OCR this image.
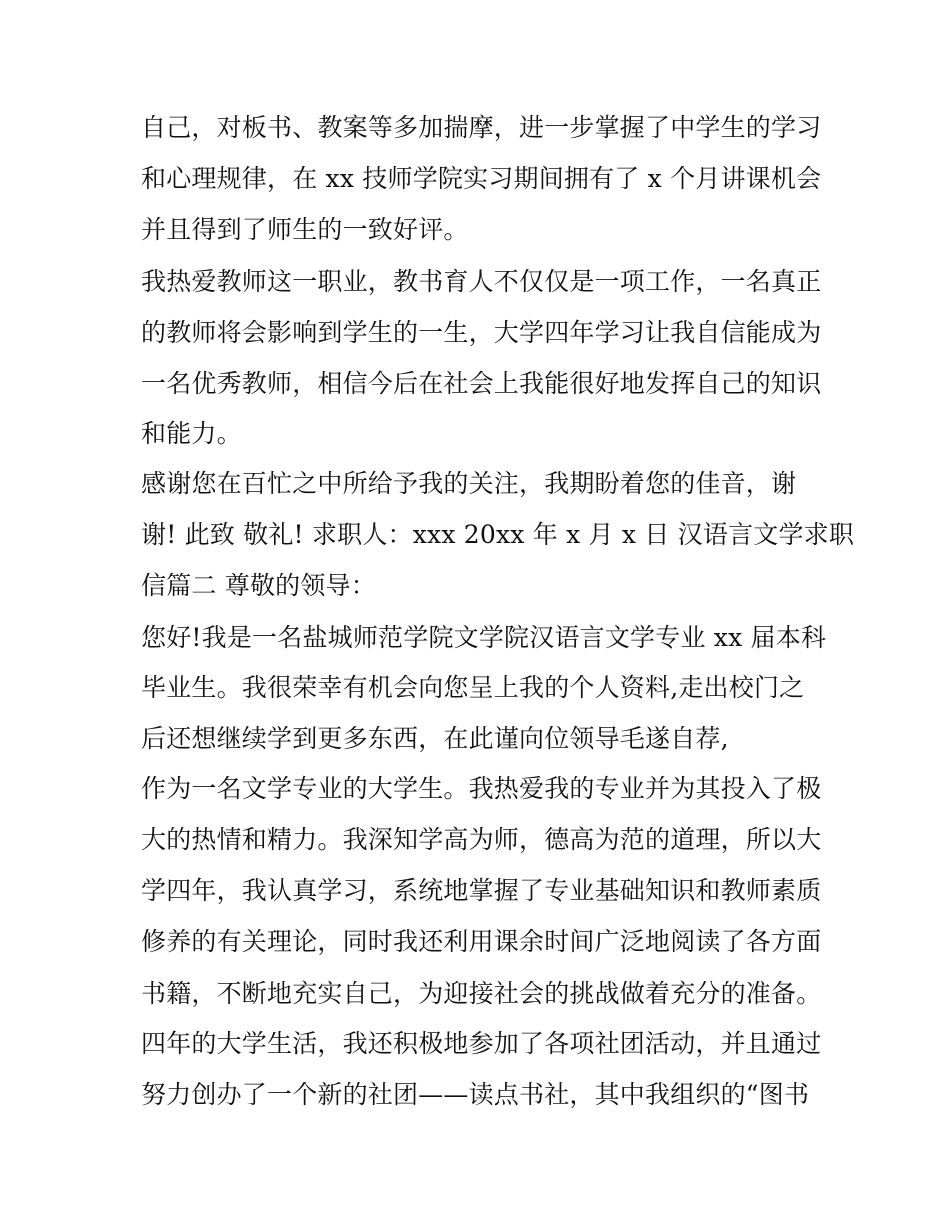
自己，对板书、教案等多加揣摩，进一步掌握了中学生的学习
和心理规律，在 xx 技师学院实习期间拥有了 x 个月讲课机会
并且得到了师生的一致好评。
我热爱教师这一职业，教书育人不仅仅是一项工作，一名真正
的教师将会影响到学生的一生，大学四年学习让我自信能成为
一名优秀教师，相信今后在社会上我能很好地发挥自己的知识
和能力。
感谢您在百忙之中所给予我的关注，我期盼着您的佳音，谢
谢! 此致 敬礼! 求职人：xxx 20xx 年 x 月 x 日 汉语言文学求职
信篇二 尊敬的领导：
您好!我是一名盐城师范学院文学院汉语言文学专业 xx 届本科
毕业生。我很荣幸有机会向您呈上我的个人资料,走出校门之
后还想继续学到更多东西，在此谨向位领导毛遂自荐,
作为一名文学专业的大学生。我热爱我的专业并为其投入了极
大的热情和精力。我深知学高为师，德高为范的道理，所以大
学四年，我认真学习，系统地掌握了专业基础知识和教师素质
修养的有关理论，同时我还利用课余时间广泛地阅读了各方面
书籍，不断地充实自己，为迎接社会的挑战做着充分的准备。
四年的大学生活，我还积极地参加了各项社团活动，并且通过
努力创办了一个新的社团——读点书社，其中我组织的“图书
